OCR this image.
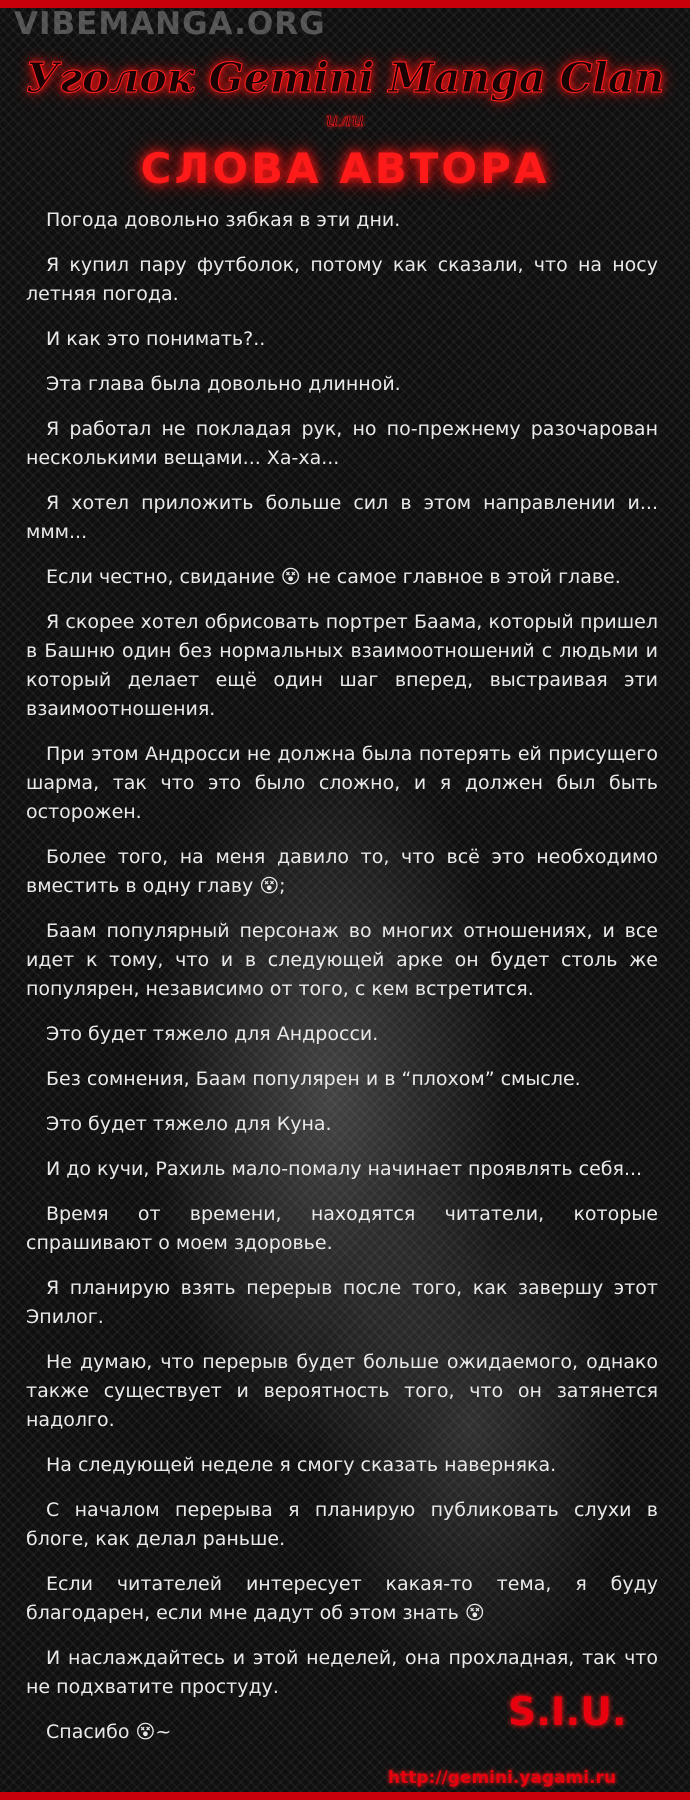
VIBEMANGA.ORG
Уголок Gemini Manga Clan
или
СЛОВА АВТОРА

Погода довольно зябкая в эти дни.

Я купил пару футболок, потому как сказали, что на носу летняя погода.

И как это понимать?..

Эта глава была довольно длинной.

Я работал не покладая рук, но по-прежнему разочарован несколькими вещами... Ха-ха...

Я хотел приложить больше сил в этом направлении и... ммм...

Если честно, свидание 😵 не самое главное в этой главе.

Я скорее хотел обрисовать портрет Баама, который пришел в Башню один без нормальных взаимоотношений с людьми и который делает ещё один шаг вперед, выстраивая эти взаимоотношения.

При этом Андросси не должна была потерять ей присущего шарма, так что это было сложно, и я должен был быть осторожен.

Более того, на меня давило то, что всё это необходимо вместить в одну главу 😵;

Баам популярный персонаж во многих отношениях, и все идет к тому, что и в следующей арке он будет столь же популярен, независимо от того, с кем встретится.

Это будет тяжело для Андросси.

Без сомнения, Баам популярен и в “плохом” смысле.

Это будет тяжело для Куна.

И до кучи, Рахиль мало-помалу начинает проявлять себя...

Время от времени, находятся читатели, которые спрашивают о моем здоровье.

Я планирую взять перерыв после того, как завершу этот Эпилог.

Не думаю, что перерыв будет больше ожидаемого, однако также существует и вероятность того, что он затянется надолго.

На следующей неделе я смогу сказать наверняка.

С началом перерыва я планирую публиковать слухи в блоге, как делал раньше.

Если читателей интересует какая-то тема, я буду благодарен, если мне дадут об этом знать 😵

И наслаждайтесь и этой неделей, она прохладная, так что не подхватите простуду.

Спасибо 😵~	S.I.U.
http://gemini.yagami.ru
